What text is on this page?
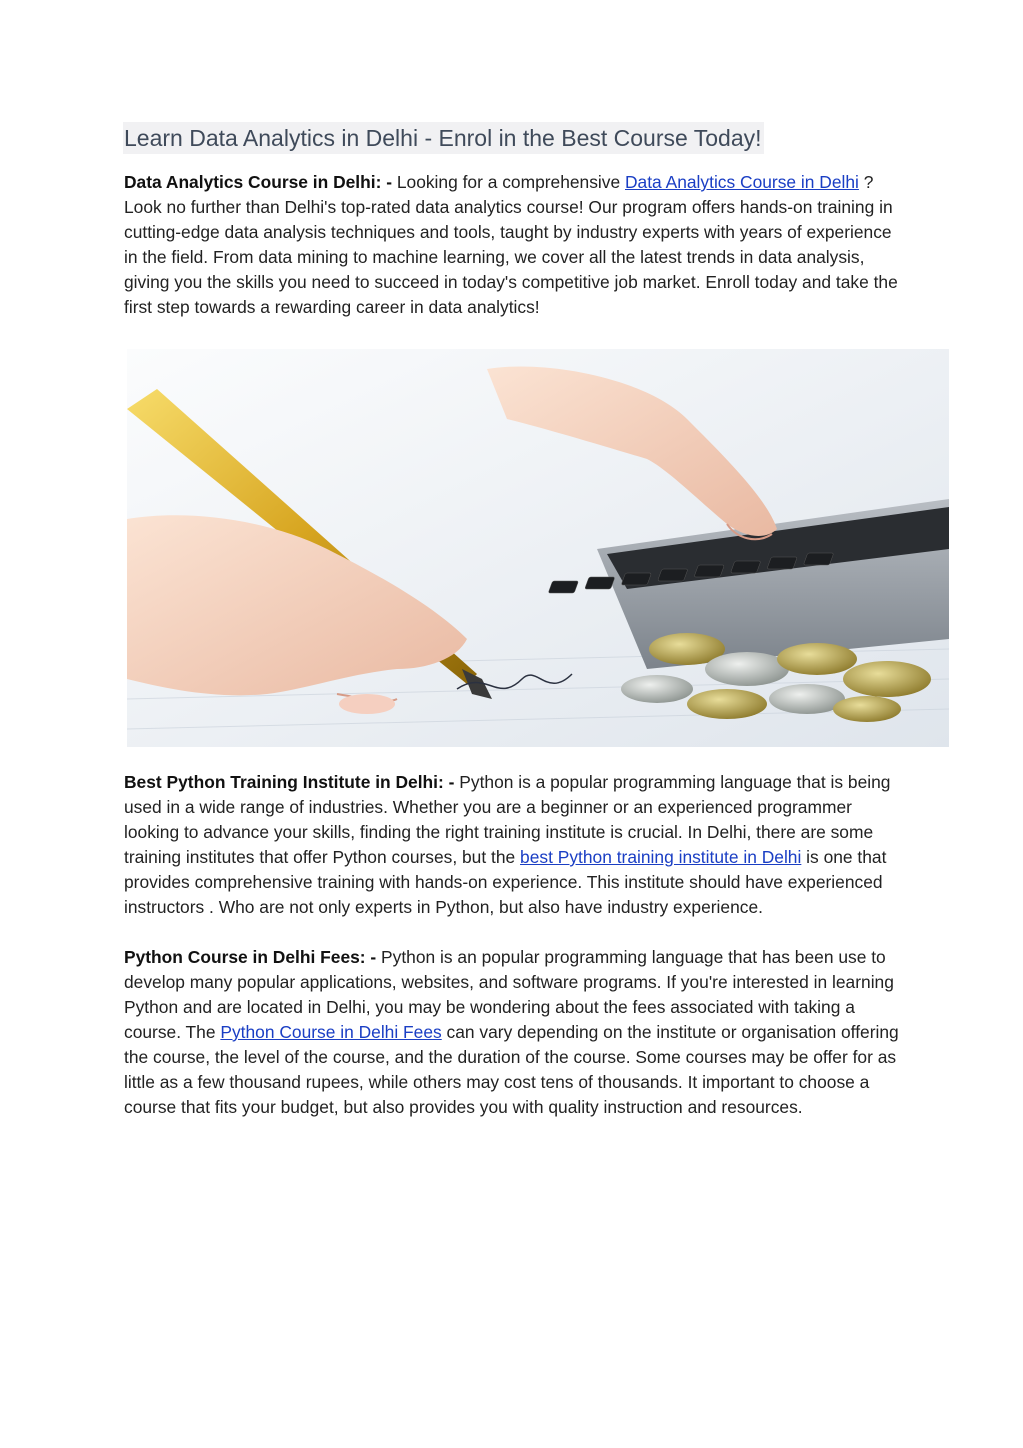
Learn Data Analytics in Delhi - Enrol in the Best Course Today!

Data Analytics Course in Delhi: - Looking for a comprehensive Data Analytics Course in Delhi ? Look no further than Delhi's top-rated data analytics course! Our program offers hands-on training in cutting-edge data analysis techniques and tools, taught by industry experts with years of experience in the field. From data mining to machine learning, we cover all the latest trends in data analysis, giving you the skills you need to succeed in today's competitive job market. Enroll today and take the first step towards a rewarding career in data analytics!

Best Python Training Institute in Delhi: - Python is a popular programming language that is being used in a wide range of industries. Whether you are a beginner or an experienced programmer looking to advance your skills, finding the right training institute is crucial. In Delhi, there are some training institutes that offer Python courses, but the best Python training institute in Delhi is one that provides comprehensive training with hands-on experience. This institute should have experienced instructors . Who are not only experts in Python, but also have industry experience.

Python Course in Delhi Fees: - Python is an popular programming language that has been use to develop many popular applications, websites, and software programs. If you're interested in learning Python and are located in Delhi, you may be wondering about the fees associated with taking a course. The Python Course in Delhi Fees can vary depending on the institute or organisation offering the course, the level of the course, and the duration of the course. Some courses may be offer for as little as a few thousand rupees, while others may cost tens of thousands. It important to choose a course that fits your budget, but also provides you with quality instruction and resources.
